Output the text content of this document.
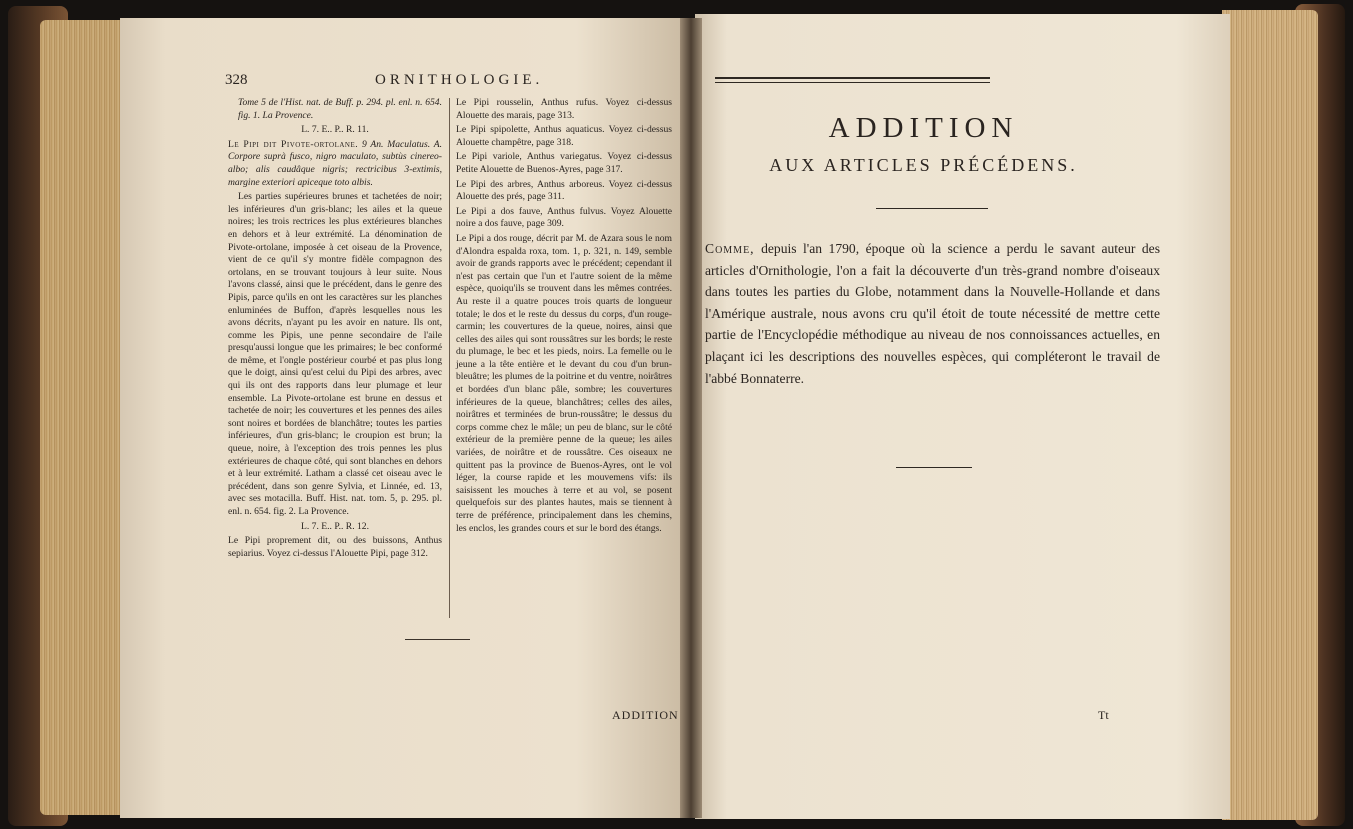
328	ORNITHOLOGIE.

Tome 5 de l'Hist. nat. de Buff. p. 294. pl. enl. n. 654. fig. 1. La Provence.

L. 7. E.. P.. R. 11.

Le Pipi dit Pivote-ortolane. 9 An. Maculatus. A. Corpore suprà fusco, nigro maculato, subtùs cinereo-albo; alis caudâque nigris; rectricibus 3-extimis, margine exteriori apiceque toto albis.

Les parties supérieures brunes et tachetées de noir; les inférieures d'un gris-blanc; les ailes et la queue noires; les trois rectrices les plus extérieures blanches en dehors et à leur extrémité. La dénomination de Pivote-ortolane, imposée à cet oiseau de la Provence, vient de ce qu'il s'y montre fidèle compagnon des ortolans, en se trouvant toujours à leur suite. Nous l'avons classé, ainsi que le précédent, dans le genre des Pipis, parce qu'ils en ont les caractères sur les planches enluminées de Buffon, d'après lesquelles nous les avons décrits, n'ayant pu les avoir en nature. Ils ont, comme les Pipis, une penne secondaire de l'aile presqu'aussi longue que les primaires; le bec conformé de même, et l'ongle postérieur courbé et pas plus long que le doigt, ainsi qu'est celui du Pipi des arbres, avec qui ils ont des rapports dans leur plumage et leur ensemble. La Pivote-ortolane est brune en dessus et tachetée de noir; les couvertures et les pennes des ailes sont noires et bordées de blanchâtre; toutes les parties inférieures, d'un gris-blanc; le croupion est brun; la queue, noire, à l'exception des trois pennes les plus extérieures de chaque côté, qui sont blanches en dehors et à leur extrémité. Latham a classé cet oiseau avec le précédent, dans son genre Sylvia, et Linnée, ed. 13, avec ses motacilla. Buff. Hist. nat. tom. 5, p. 295. pl. enl. n. 654. fig. 2. La Provence.

L. 7. E.. P.. R. 12.

Le Pipi proprement dit, ou des buissons, Anthus sepiarius. Voyez ci-dessus l'Alouette Pipi, page 312.

Le Pipi rousselin, Anthus rufus. Voyez ci-dessus Alouette des marais, page 313.

Le Pipi spipolette, Anthus aquaticus. Voyez ci-dessus Alouette champêtre, page 318.

Le Pipi variole, Anthus variegatus. Voyez ci-dessus Petite Alouette de Buenos-Ayres, page 317.

Le Pipi des arbres, Anthus arboreus. Voyez ci-dessus Alouette des prés, page 311.

Le Pipi a dos fauve, Anthus fulvus. Voyez Alouette noire a dos fauve, page 309.

Le Pipi a dos rouge, décrit par M. de Azara sous le nom d'Alondra espalda roxa, tom. 1, p. 321, n. 149, semble avoir de grands rapports avec le précédent; cependant il n'est pas certain que l'un et l'autre soient de la même espèce, quoiqu'ils se trouvent dans les mêmes contrées. Au reste il a quatre pouces trois quarts de longueur totale; le dos et le reste du dessus du corps, d'un rouge-carmin; les couvertures de la queue, noires, ainsi que celles des ailes qui sont roussâtres sur les bords; le reste du plumage, le bec et les pieds, noirs. La femelle ou le jeune a la tête entière et le devant du cou d'un brun-bleuâtre; les plumes de la poitrine et du ventre, noirâtres et bordées d'un blanc pâle, sombre; les couvertures inférieures de la queue, blanchâtres; celles des ailes, noirâtres et terminées de brun-roussâtre; le dessus du corps comme chez le mâle; un peu de blanc, sur le côté extérieur de la première penne de la queue; les ailes variées, de noirâtre et de roussâtre. Ces oiseaux ne quittent pas la province de Buenos-Ayres, ont le vol léger, la course rapide et les mouvemens vifs: ils saisissent les mouches à terre et au vol, se posent quelquefois sur des plantes hautes, mais se tiennent à terre de préférence, principalement dans les chemins, les enclos, les grandes cours et sur le bord des étangs.

ADDITION
ADDITION
AUX ARTICLES PRÉCÉDENS.
Comme, depuis l'an 1790, époque où la science a perdu le savant auteur des articles d'Ornithologie, l'on a fait la découverte d'un très-grand nombre d'oiseaux dans toutes les parties du Globe, notamment dans la Nouvelle-Hollande et dans l'Amérique australe, nous avons cru qu'il étoit de toute nécessité de mettre cette partie de l'Encyclopédie méthodique au niveau de nos connoissances actuelles, en plaçant ici les descriptions des nouvelles espèces, qui compléteront le travail de l'abbé Bonnaterre.
Tt
